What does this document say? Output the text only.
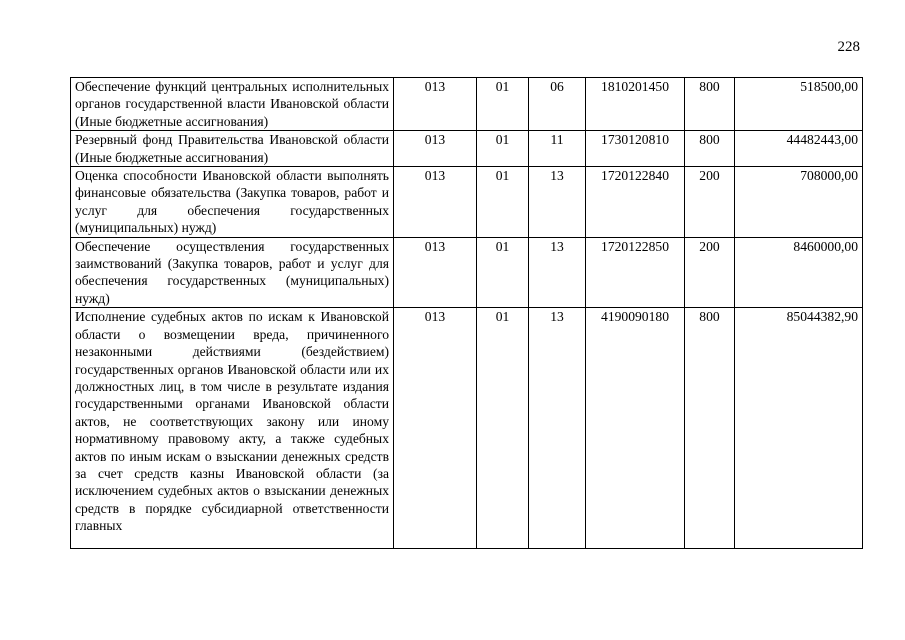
228
Обеспечение функций центральных исполнительных органов государственной власти Ивановской области (Иные бюджетные ассигнования)	013	01	06	1810201450	800	518500,00
Резервный фонд Правительства Ивановской области (Иные бюджетные ассигнования)	013	01	11	1730120810	800	44482443,00
Оценка способности Ивановской области выполнять финансовые обязательства (Закупка товаров, работ и услуг для обеспечения государственных (муниципальных) нужд)	013	01	13	1720122840	200	708000,00
Обеспечение осуществления государственных заимствований (Закупка товаров, работ и услуг для обеспечения государственных (муниципальных) нужд)	013	01	13	1720122850	200	8460000,00
Исполнение судебных актов по искам к Ивановской области о возмещении вреда, причиненного незаконными действиями (бездействием) государственных органов Ивановской области или их должностных лиц, в том числе в результате издания государственными органами Ивановской области актов, не соответствующих закону или иному нормативному правовому акту, а также судебных актов по иным искам о взыскании денежных средств за счет средств казны Ивановской области (за исключением судебных актов о взыскании денежных средств в порядке субсидиарной ответственности главных	013	01	13	4190090180	800	85044382,90
